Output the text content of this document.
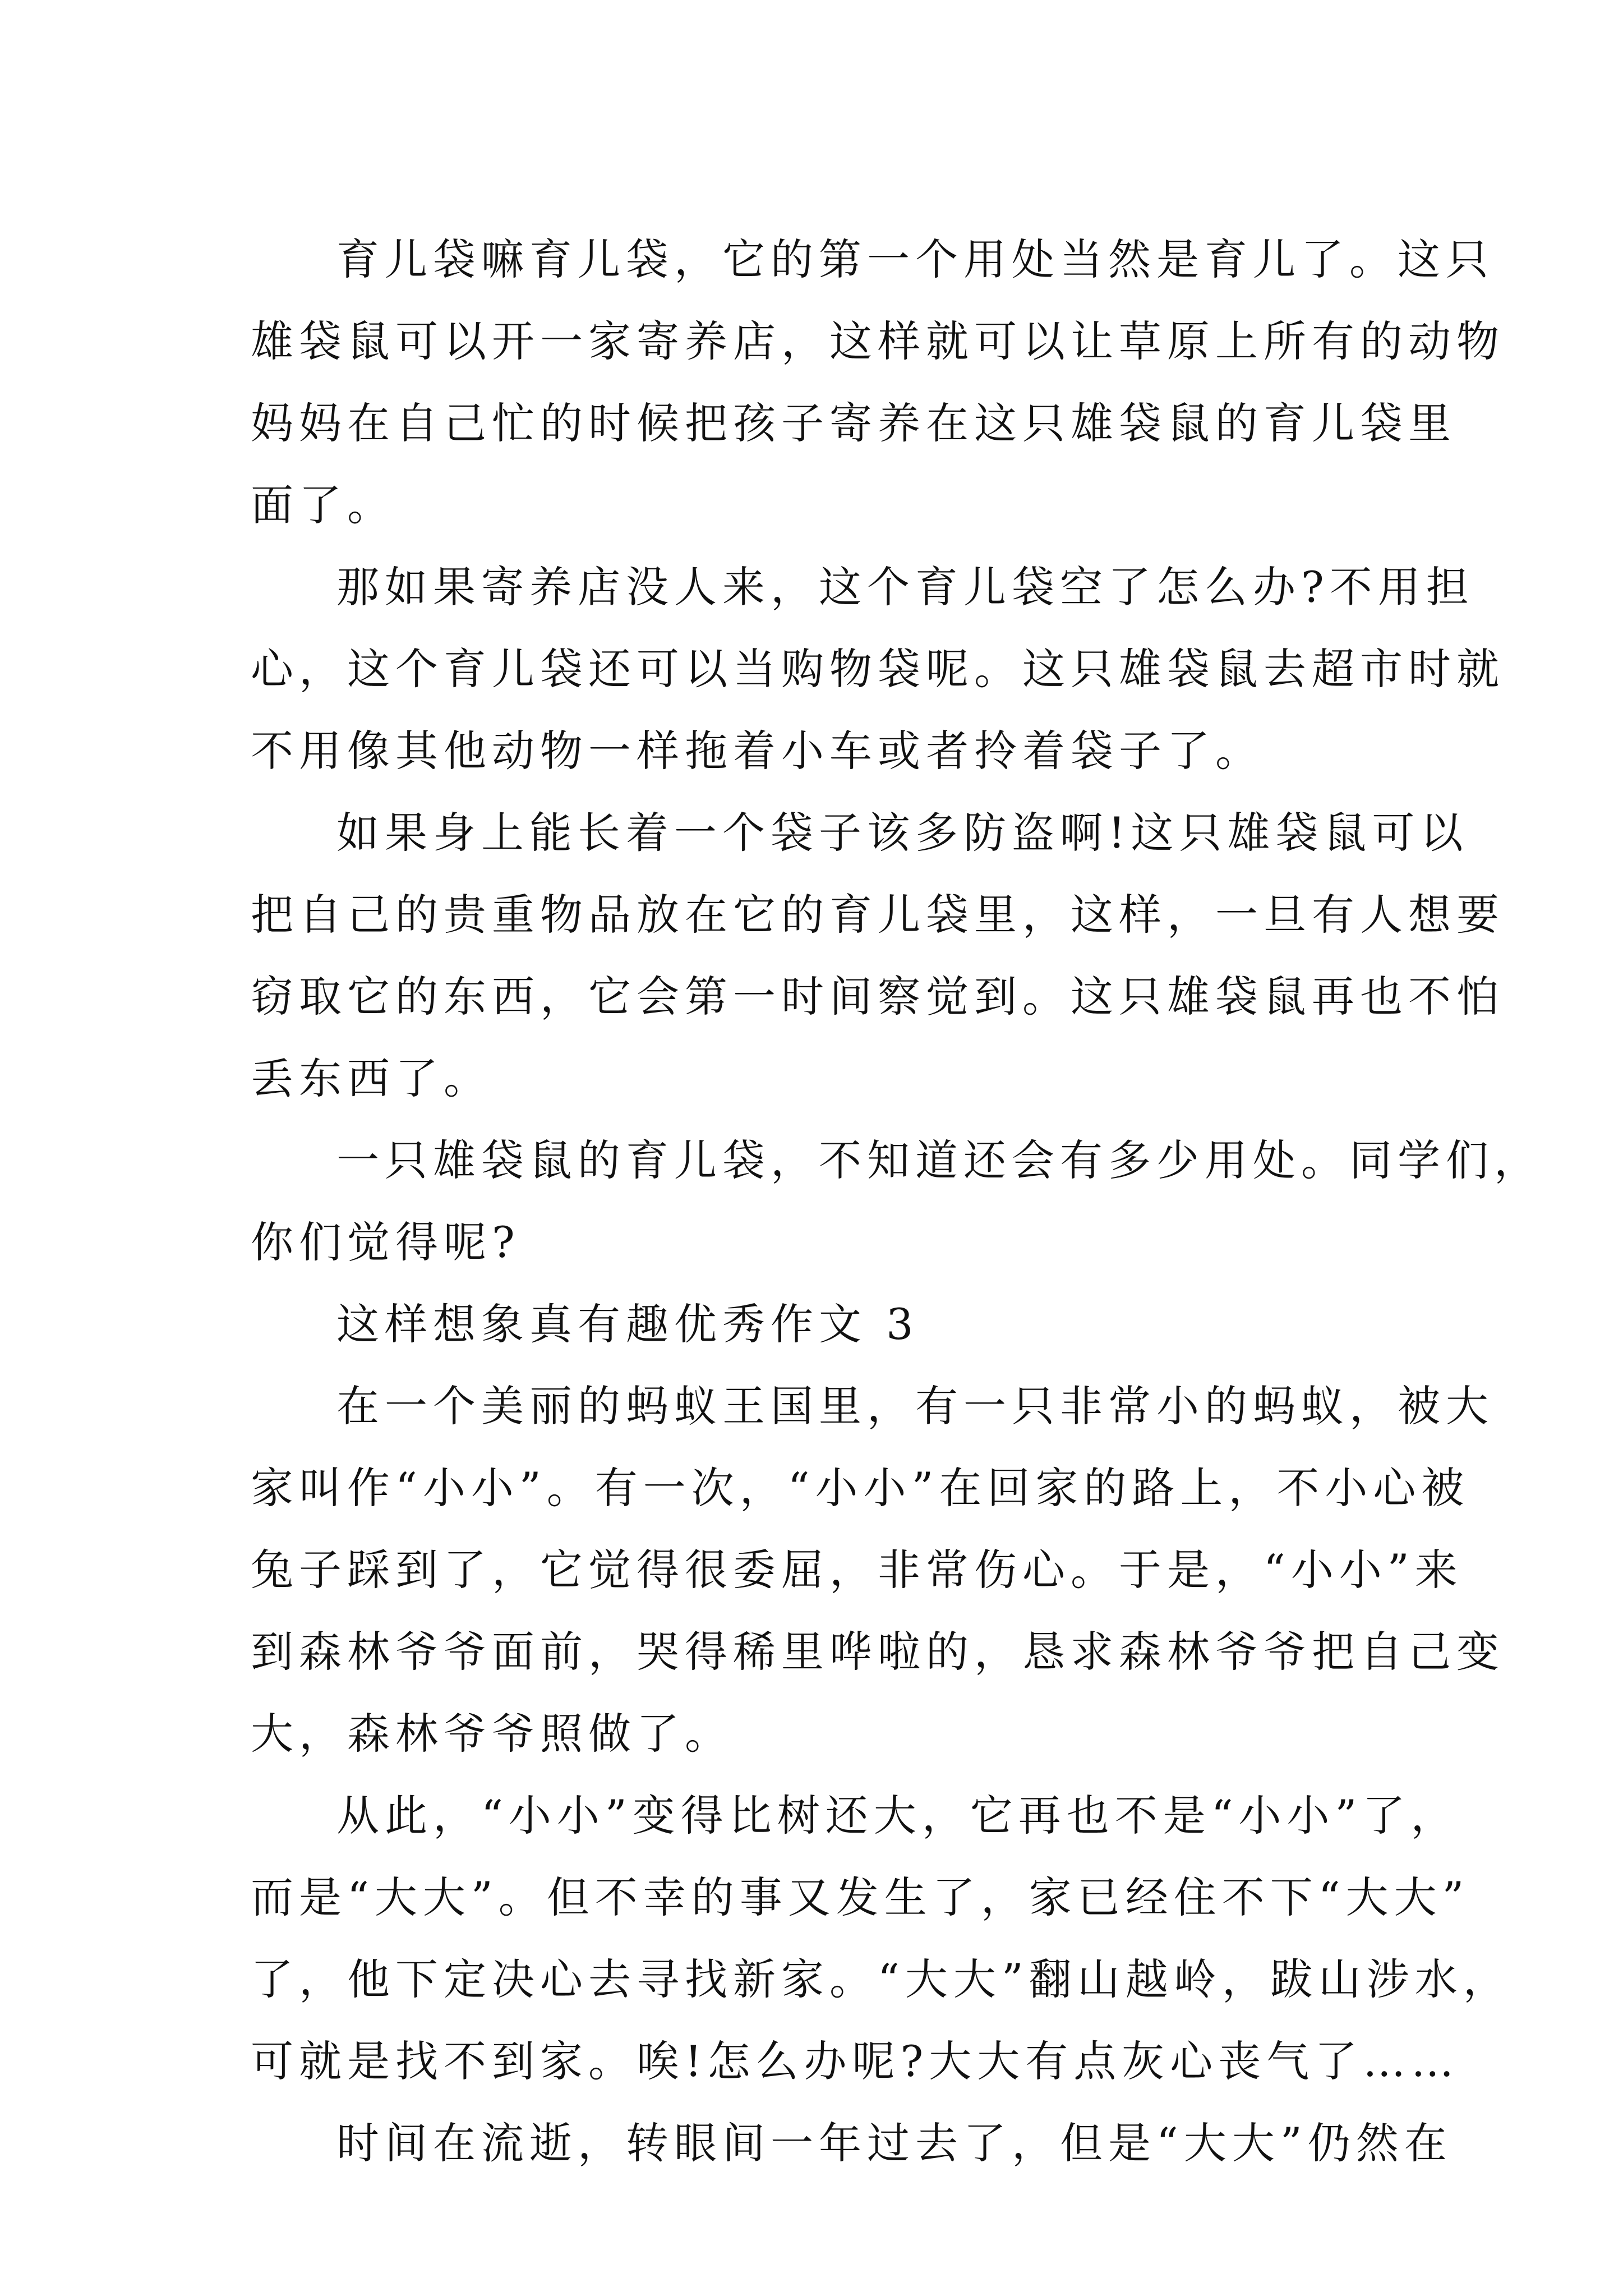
育儿袋嘛育儿袋，它的第一个用处当然是育儿了。这只
雄袋鼠可以开一家寄养店，这样就可以让草原上所有的动物
妈妈在自己忙的时候把孩子寄养在这只雄袋鼠的育儿袋里
面了。
那如果寄养店没人来，这个育儿袋空了怎么办?不用担
心，这个育儿袋还可以当购物袋呢。这只雄袋鼠去超市时就
不用像其他动物一样拖着小车或者拎着袋子了。
如果身上能长着一个袋子该多防盗啊!这只雄袋鼠可以
把自己的贵重物品放在它的育儿袋里，这样，一旦有人想要
窃取它的东西，它会第一时间察觉到。这只雄袋鼠再也不怕
丢东西了。
一只雄袋鼠的育儿袋，不知道还会有多少用处。同学们，
你们觉得呢?
这样想象真有趣优秀作文 3
在一个美丽的蚂蚁王国里，有一只非常小的蚂蚁，被大
家叫作“小小”。有一次，“小小”在回家的路上，不小心被
兔子踩到了，它觉得很委屈，非常伤心。于是，“小小”来
到森林爷爷面前，哭得稀里哗啦的，恳求森林爷爷把自己变
大，森林爷爷照做了。
从此，“小小”变得比树还大，它再也不是“小小”了，
而是“大大”。但不幸的事又发生了，家已经住不下“大大”
了，他下定决心去寻找新家。“大大”翻山越岭，跋山涉水，
可就是找不到家。唉!怎么办呢?大大有点灰心丧气了……
时间在流逝，转眼间一年过去了，但是“大大”仍然在
